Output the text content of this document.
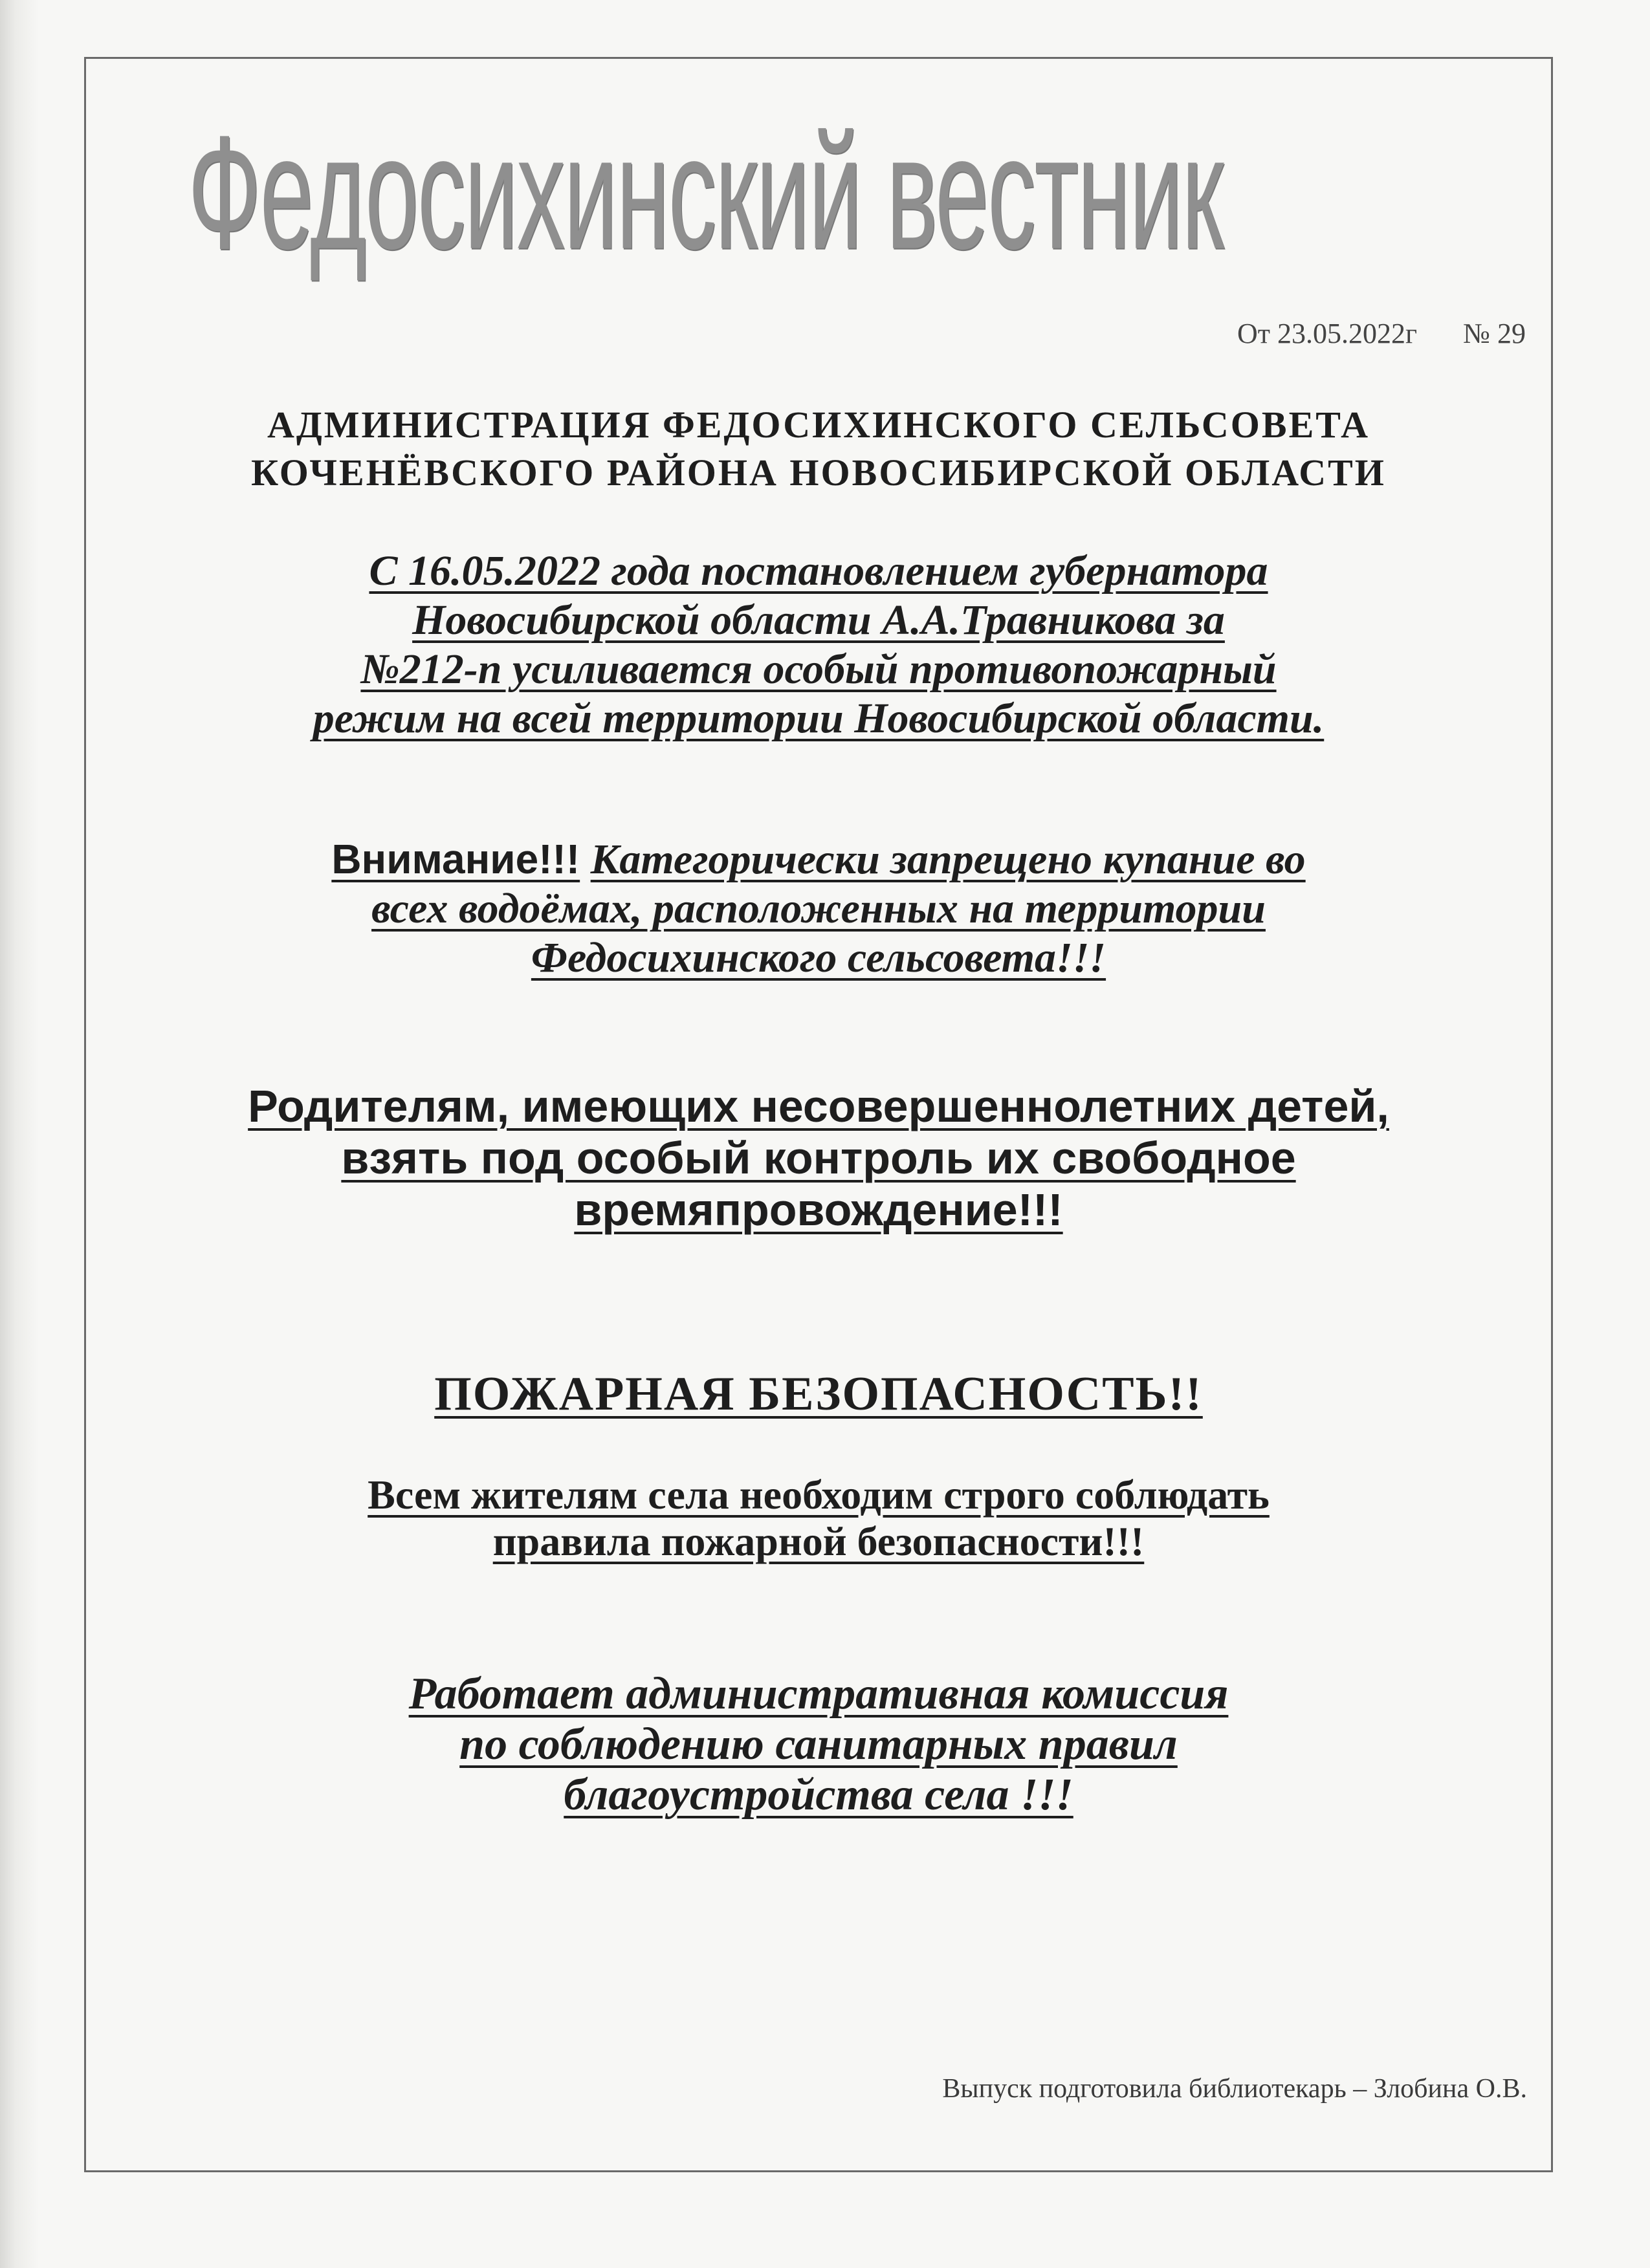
Федосихинский вестник
От 23.05.2022г № 29
АДМИНИСТРАЦИЯ ФЕДОСИХИНСКОГО СЕЛЬСОВЕТА
КОЧЕНЁВСКОГО РАЙОНА НОВОСИБИРСКОЙ ОБЛАСТИ
С 16.05.2022 года постановлением губернатора
Новосибирской области А.А.Травникова за
№212-п усиливается особый противопожарный
режим на всей территории Новосибирской области.
Внимание!!! Категорически запрещено купание во
всех водоёмах, расположенных на территории
Федосихинского сельсовета!!!
Родителям, имеющих несовершеннолетних детей,
взять под особый контроль их свободное
времяпровождение!!!
ПОЖАРНАЯ БЕЗОПАСНОСТЬ!!
Всем жителям села необходим строго соблюдать
правила пожарной безопасности!!!
Работает административная комиссия
по соблюдению санитарных правил
благоустройства села !!!
Выпуск подготовила библиотекарь – Злобина О.В.
